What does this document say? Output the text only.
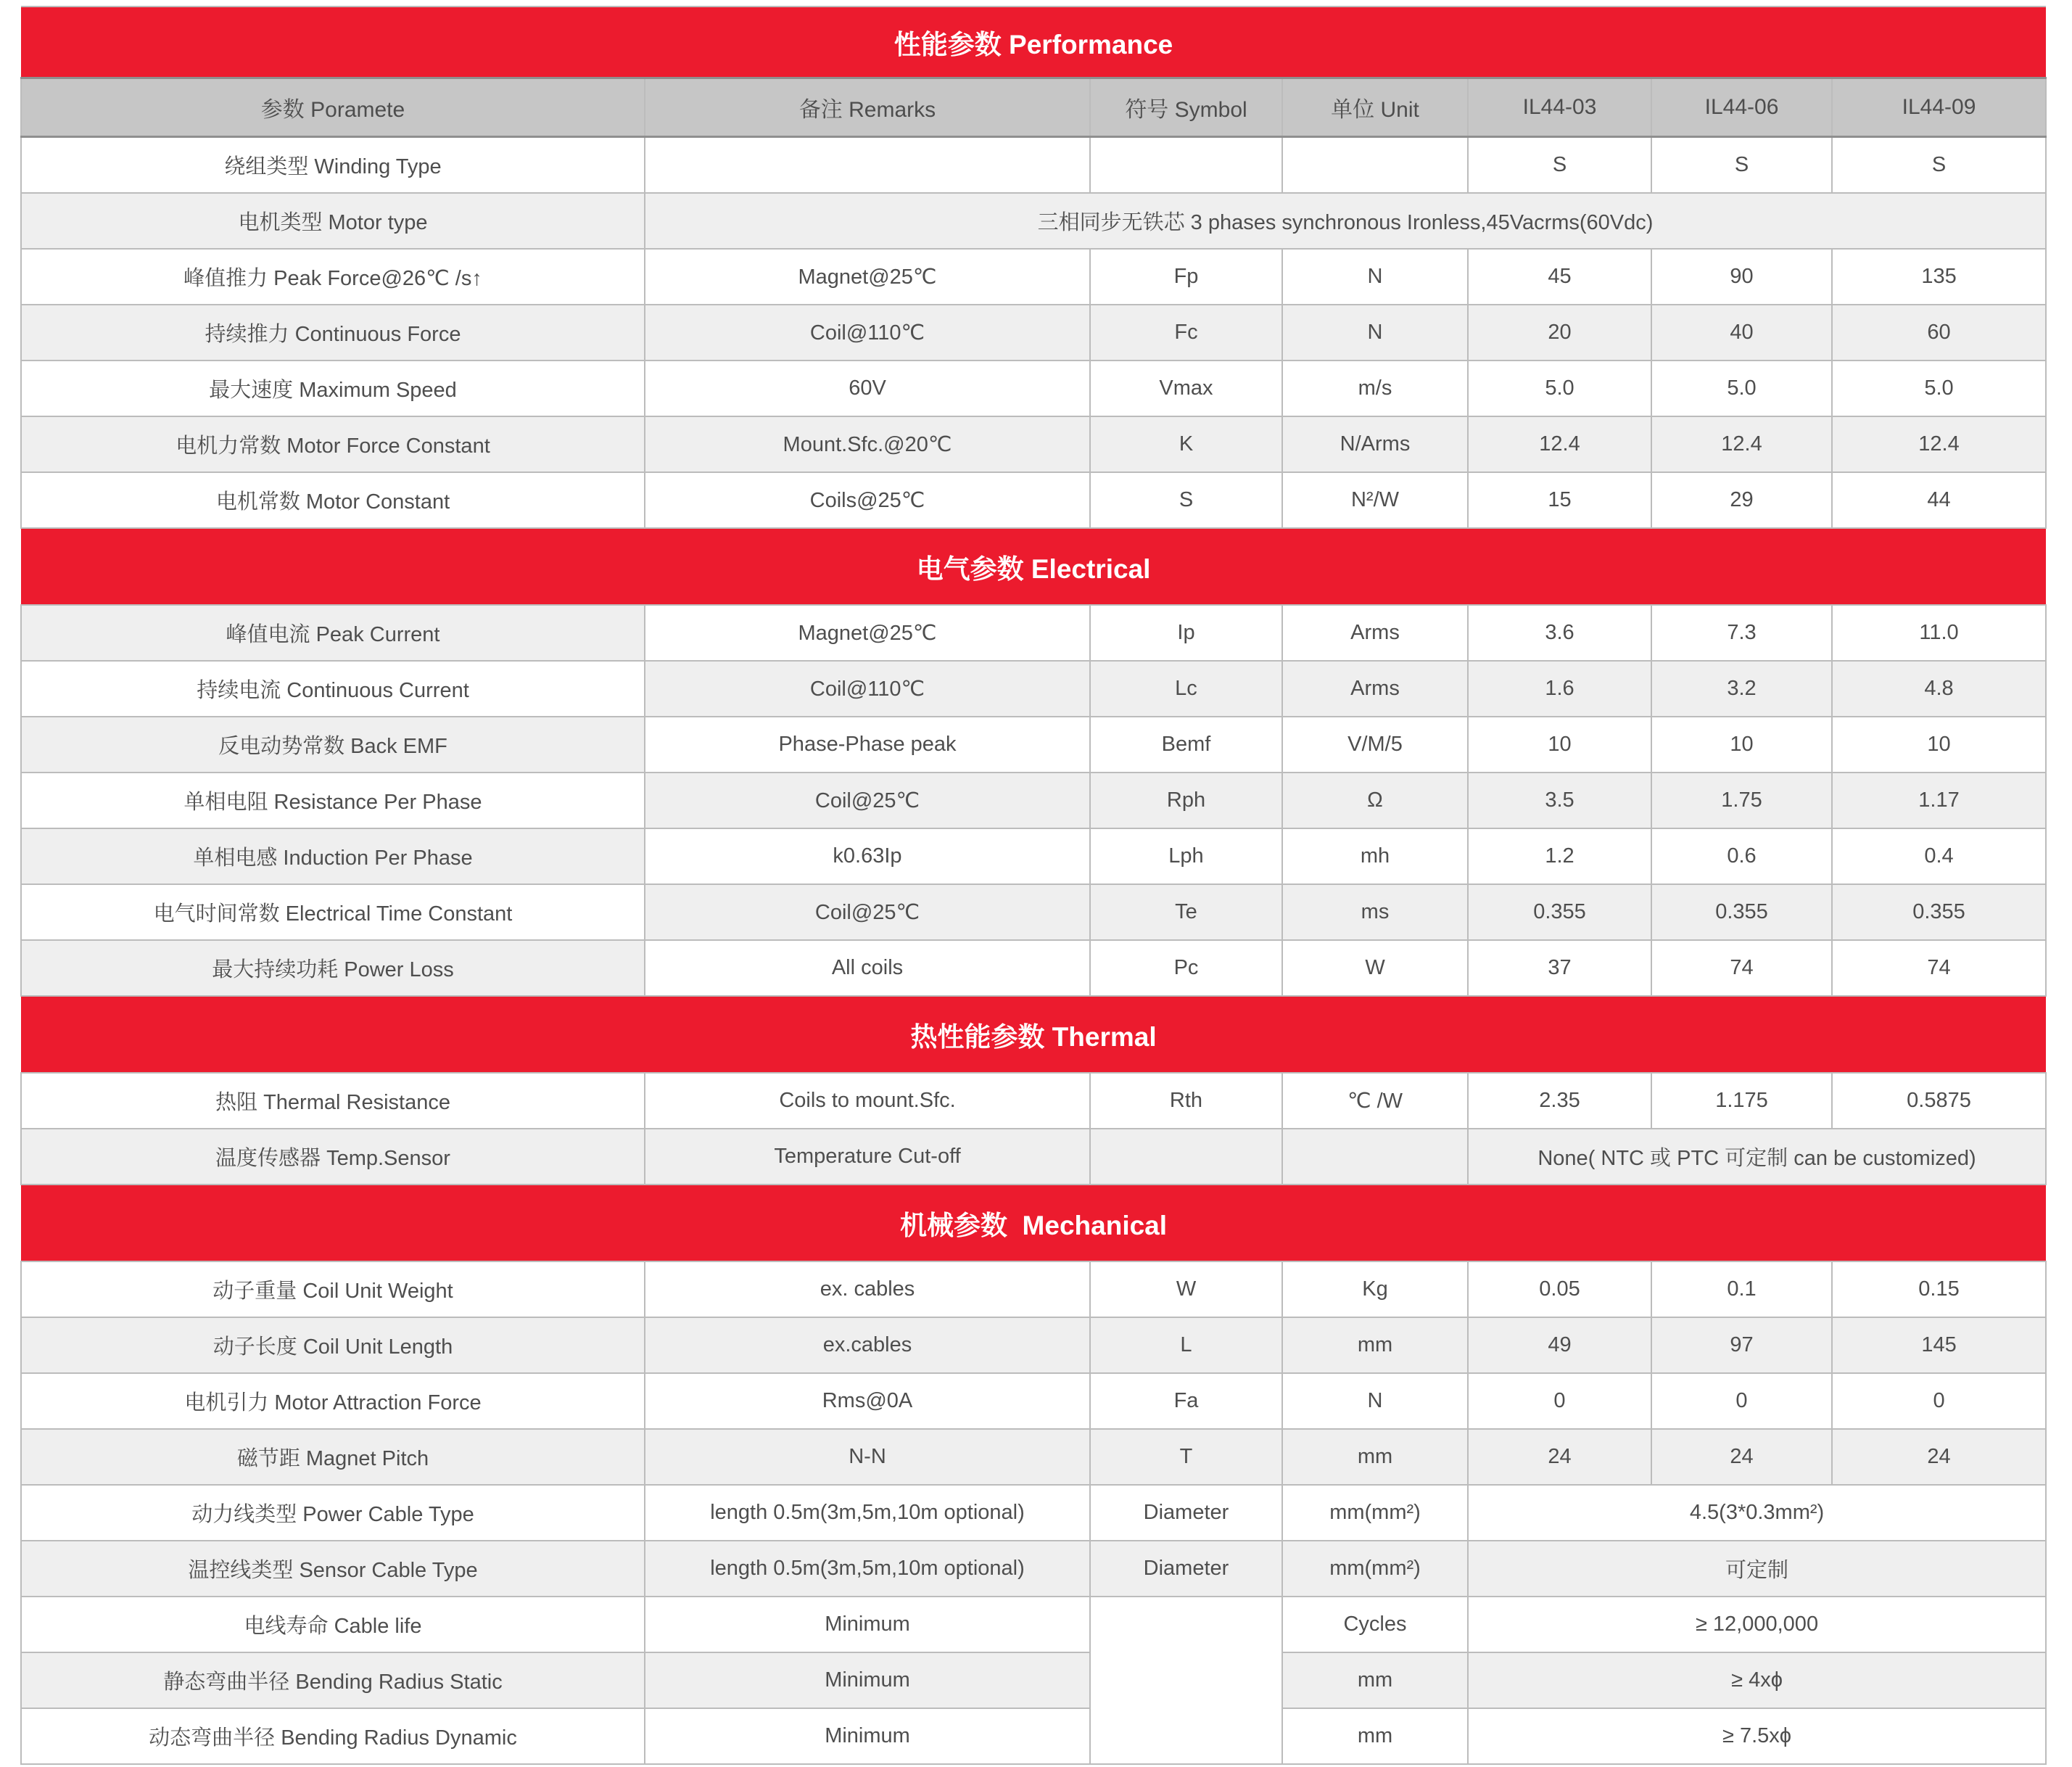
性能参数 Performance						
参数 Poramete	备注 Remarks	符号 Symbol	单位 Unit	IL44-03	IL44-06	IL44-09
绕组类型 Winding Type				S	S	S
电机类型 Motor type	三相同步无铁芯 3 phases synchronous Ironless,45Vacrms(60Vdc)					
峰值推力 Peak Force@26℃ /s↑	Magnet@25℃	Fp	N	45	90	135
持续推力 Continuous Force	Coil@110℃	Fc	N	20	40	60
最大速度 Maximum Speed	60V	Vmax	m/s	5.0	5.0	5.0
电机力常数 Motor Force Constant	Mount.Sfc.@20℃	K	N/Arms	12.4	12.4	12.4
电机常数 Motor Constant	Coils@25℃	S	N²/W	15	29	44
电气参数 Electrical						
峰值电流 Peak Current	Magnet@25℃	Ip	Arms	3.6	7.3	11.0
持续电流 Continuous Current	Coil@110℃	Lc	Arms	1.6	3.2	4.8
反电动势常数 Back EMF	Phase-Phase peak	Bemf	V/M/5	10	10	10
单相电阻 Resistance Per Phase	Coil@25℃	Rph	Ω	3.5	1.75	1.17
单相电感 Induction Per Phase	k0.63Ip	Lph	mh	1.2	0.6	0.4
电气时间常数 Electrical Time Constant	Coil@25℃	Te	ms	0.355	0.355	0.355
最大持续功耗 Power Loss	All coils	Pc	W	37	74	74
热性能参数 Thermal						
热阻 Thermal Resistance	Coils to mount.Sfc.	Rth	℃ /W	2.35	1.175	0.5875
温度传感器 Temp.Sensor	Temperature Cut-off			None( NTC 或 PTC 可定制 can be customized)		
机械参数  Mechanical						
动子重量 Coil Unit Weight	ex. cables	W	Kg	0.05	0.1	0.15
动子长度 Coil Unit Length	ex.cables	L	mm	49	97	145
电机引力 Motor Attraction Force	Rms@0A	Fa	N	0	0	0
磁节距 Magnet Pitch	N-N	T	mm	24	24	24
动力线类型 Power Cable Type	length 0.5m(3m,5m,10m optional)	Diameter	mm(mm²)	4.5(3*0.3mm²)		
温控线类型 Sensor Cable Type	length 0.5m(3m,5m,10m optional)	Diameter	mm(mm²)	可定制		
电线寿命 Cable life	Minimum		Cycles	≥ 12,000,000		
静态弯曲半径 Bending Radius Static	Minimum		mm	≥ 4xϕ		
动态弯曲半径 Bending Radius Dynamic	Minimum		mm	≥ 7.5xϕ		
